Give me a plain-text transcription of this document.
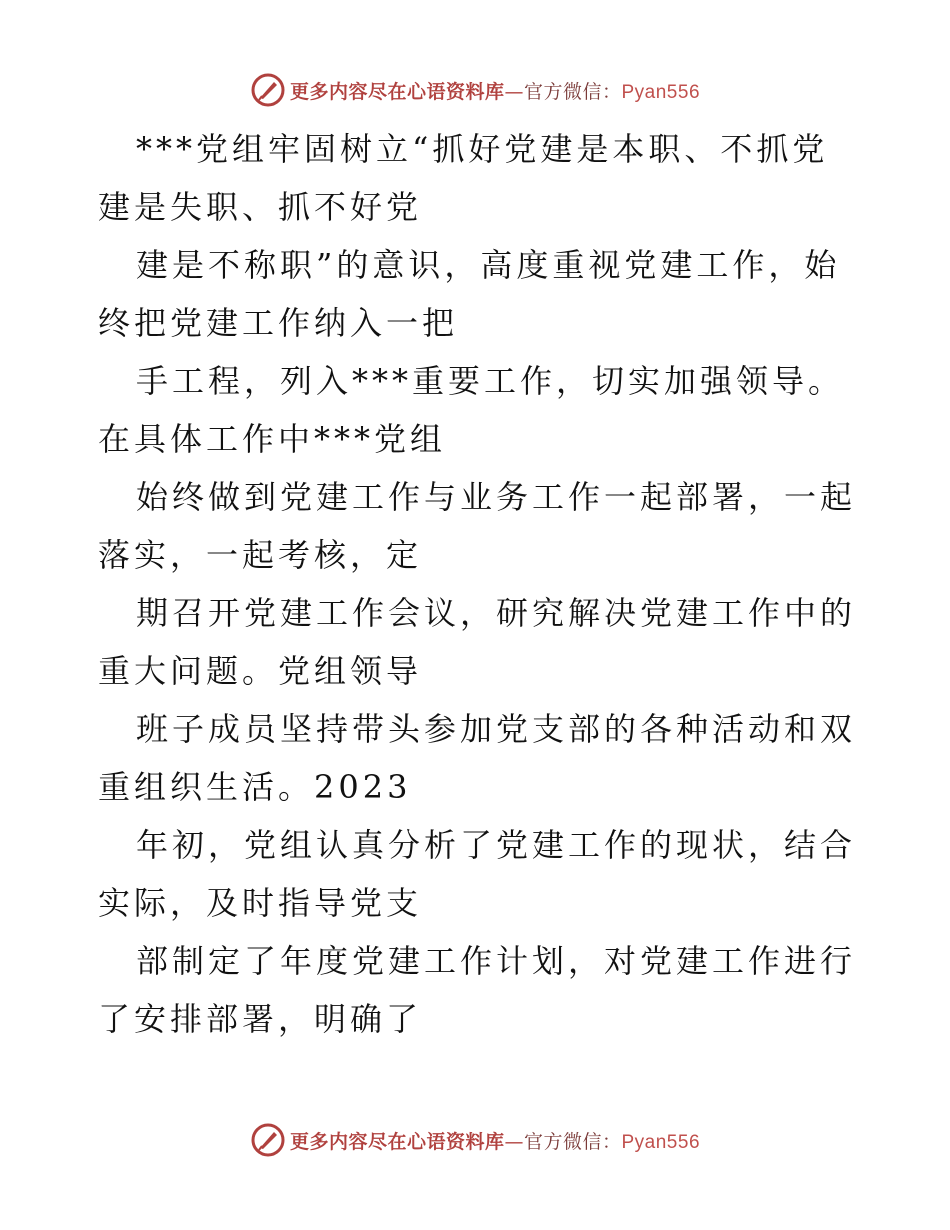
更多内容尽在心语资料库—官方微信：Pyan556

***党组牢固树立“抓好党建是本职、不抓党建是失职、抓不好党

建是不称职”的意识，高度重视党建工作，始终把党建工作纳入一把

手工程，列入***重要工作，切实加强领导。在具体工作中***党组

始终做到党建工作与业务工作一起部署，一起落实，一起考核，定

期召开党建工作会议，研究解决党建工作中的重大问题。党组领导

班子成员坚持带头参加党支部的各种活动和双重组织生活。2023

年初，党组认真分析了党建工作的现状，结合实际，及时指导党支

部制定了年度党建工作计划，对党建工作进行了安排部署，明确了

更多内容尽在心语资料库—官方微信：Pyan556
